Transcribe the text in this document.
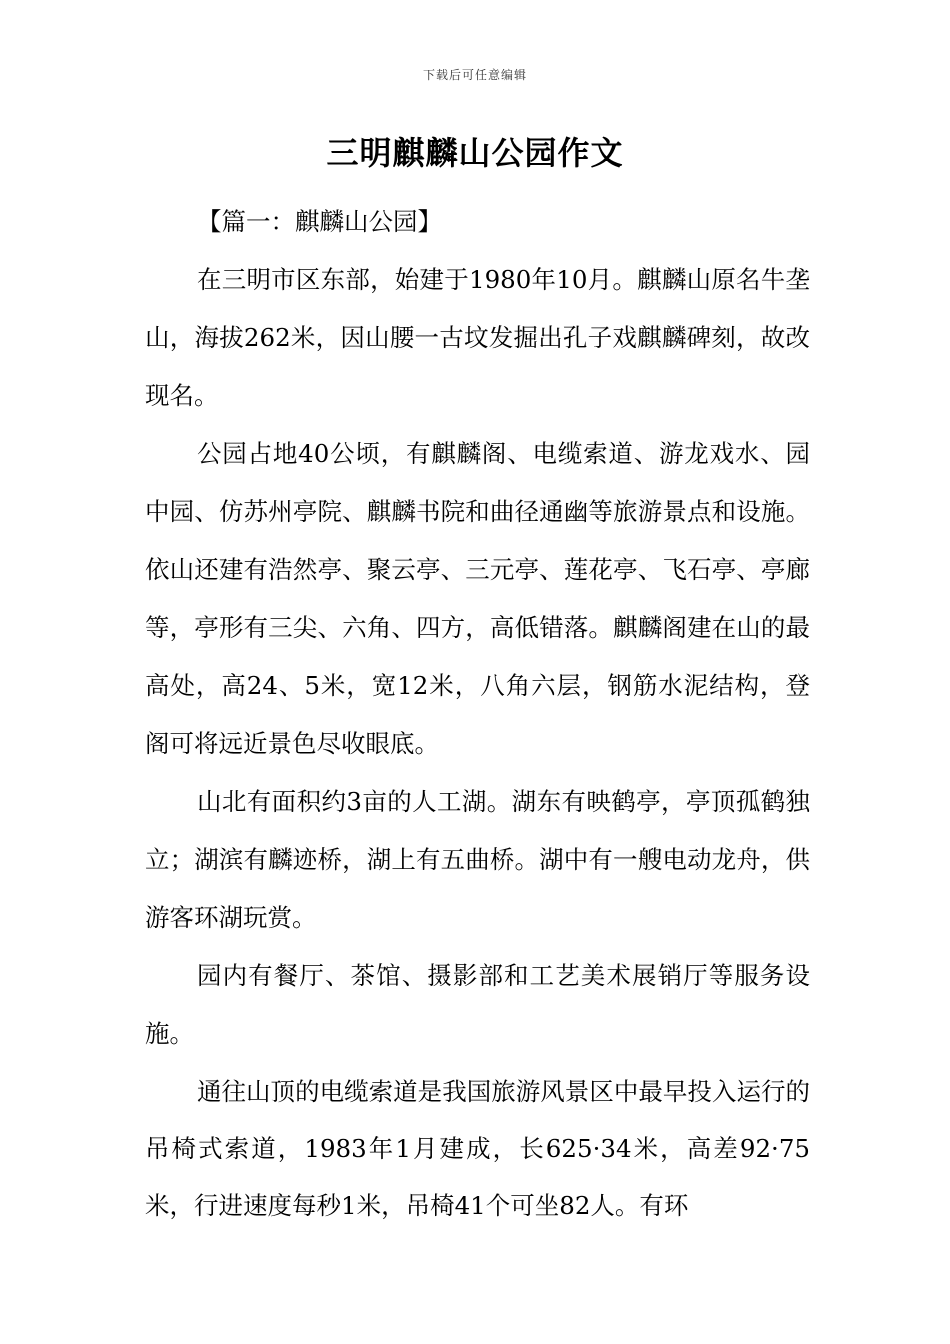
下载后可任意编辑
三明麒麟山公园作文

【篇一：麒麟山公园】

在三明市区东部，始建于1980年10月。麒麟山原名牛垄山，海拔262米，因山腰一古坟发掘出孔子戏麒麟碑刻，故改现名。

公园占地40公顷，有麒麟阁、电缆索道、游龙戏水、园中园、仿苏州亭院、麒麟书院和曲径通幽等旅游景点和设施。依山还建有浩然亭、聚云亭、三元亭、莲花亭、飞石亭、亭廊等，亭形有三尖、六角、四方，高低错落。麒麟阁建在山的最高处，高24、5米，宽12米，八角六层，钢筋水泥结构，登阁可将远近景色尽收眼底。

山北有面积约3亩的人工湖。湖东有映鹤亭，亭顶孤鹤独立；湖滨有麟迹桥，湖上有五曲桥。湖中有一艘电动龙舟，供游客环湖玩赏。

园内有餐厅、茶馆、摄影部和工艺美术展销厅等服务设施。

通往山顶的电缆索道是我国旅游风景区中最早投入运行的吊椅式索道，1983年1月建成，长625·34米，高差92·75米，行进速度每秒1米，吊椅41个可坐82人。有环
